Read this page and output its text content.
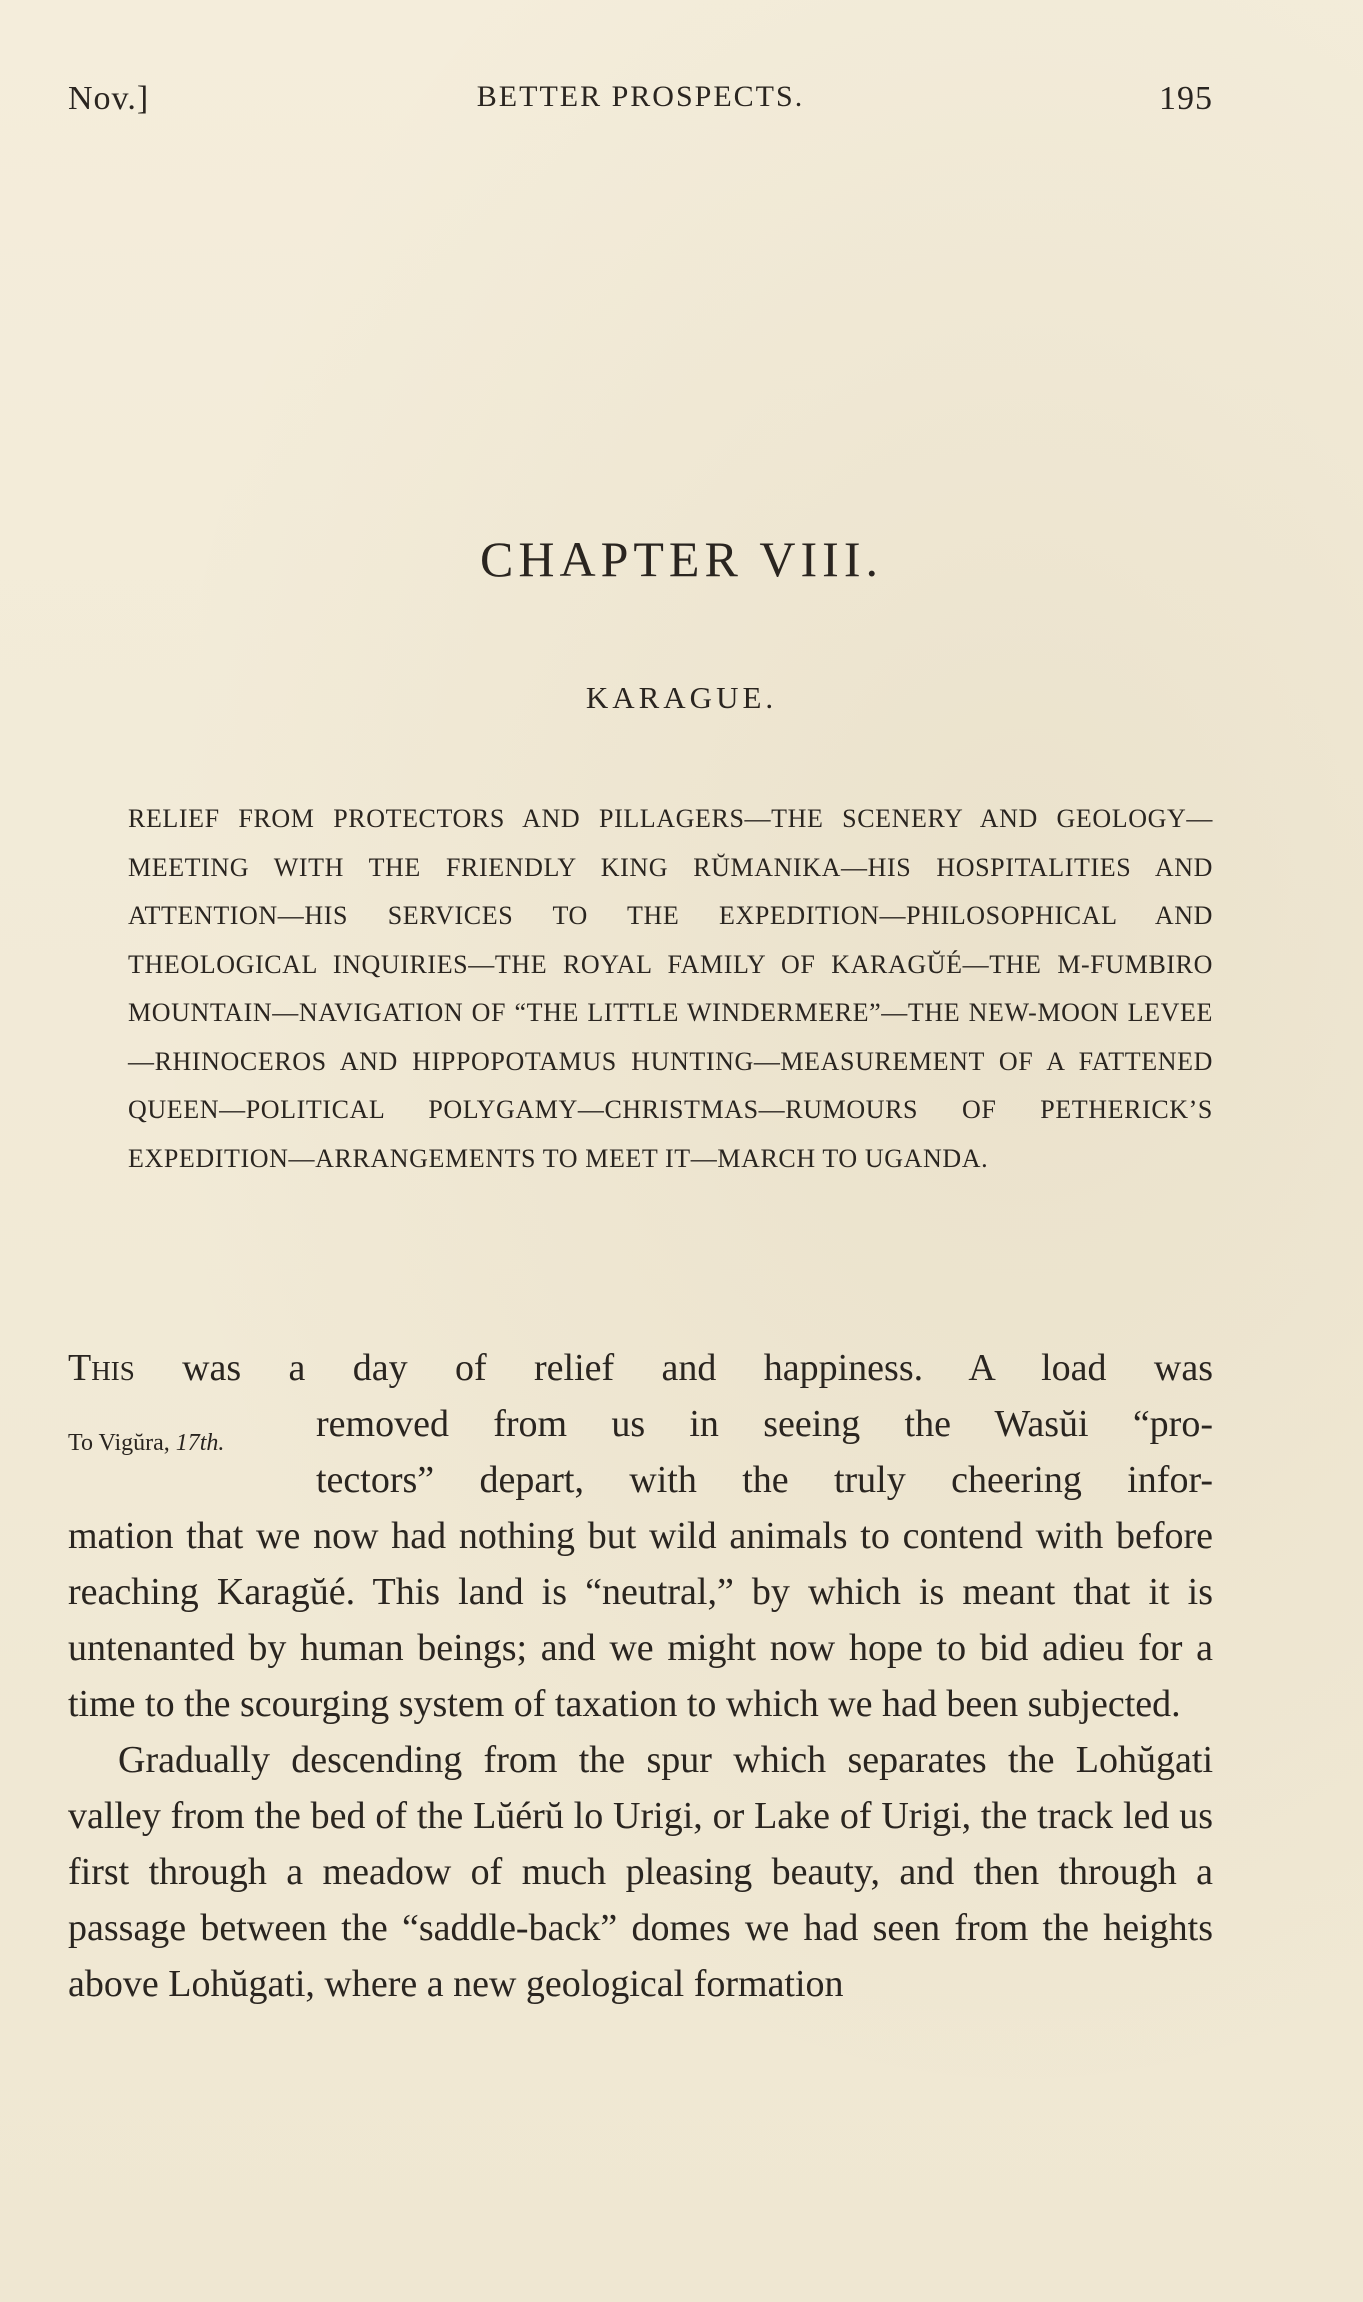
Nov.]	BETTER PROSPECTS.	195
CHAPTER VIII.
KARAGUE.
RELIEF FROM PROTECTORS AND PILLAGERS—THE SCENERY AND GEOLOGY—MEETING WITH THE FRIENDLY KING RŬMANIKA—HIS HOSPITALITIES AND ATTENTION—HIS SERVICES TO THE EXPEDITION—PHILOSOPHICAL AND THEOLOGICAL INQUIRIES—THE ROYAL FAMILY OF KARAGŬÉ—THE M-FUMBIRO MOUNTAIN—NAVIGATION OF “THE LITTLE WINDERMERE”—THE NEW-MOON LEVEE—RHINOCEROS AND HIPPOPOTAMUS HUNTING—MEASUREMENT OF A FATTENED QUEEN—POLITICAL POLYGAMY—CHRISTMAS—RUMOURS OF PETHERICK’S EXPEDITION—ARRANGEMENTS TO MEET IT—MARCH TO UGANDA.
This was a day of relief and happiness. A load was
To Vigŭra, 17th. removed from us in seeing the Wasŭi “pro-
tectors” depart, with the truly cheering infor-
mation that we now had nothing but wild animals to contend with before reaching Karagŭé. This land is “neutral,” by which is meant that it is untenanted by human beings; and we might now hope to bid adieu for a time to the scourging system of taxation to which we had been subjected.
Gradually descending from the spur which separates the Lohŭgati valley from the bed of the Lŭérŭ lo Urigi, or Lake of Urigi, the track led us first through a meadow of much pleasing beauty, and then through a passage between the “saddle-back” domes we had seen from the heights above Lohŭgati, where a new geological formation
